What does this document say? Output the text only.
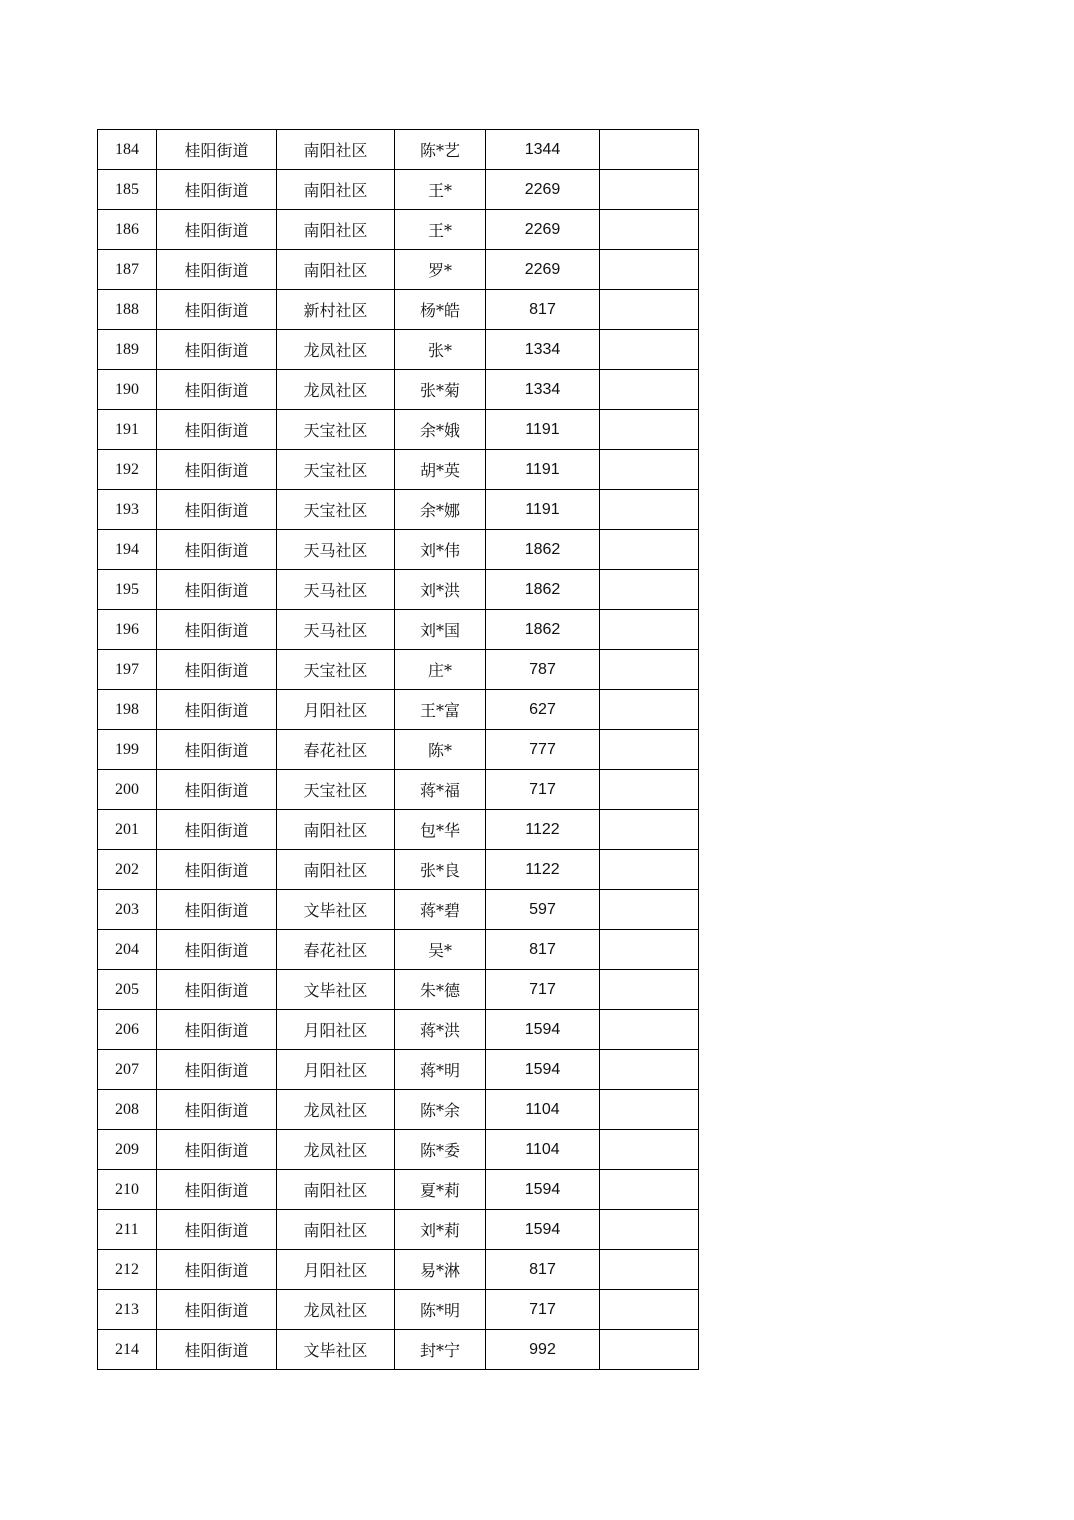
184	桂阳街道	南阳社区	陈*艺	1344	
185	桂阳街道	南阳社区	王*	2269	
186	桂阳街道	南阳社区	王*	2269	
187	桂阳街道	南阳社区	罗*	2269	
188	桂阳街道	新村社区	杨*皓	817	
189	桂阳街道	龙凤社区	张*	1334	
190	桂阳街道	龙凤社区	张*菊	1334	
191	桂阳街道	天宝社区	余*娥	1191	
192	桂阳街道	天宝社区	胡*英	1191	
193	桂阳街道	天宝社区	余*娜	1191	
194	桂阳街道	天马社区	刘*伟	1862	
195	桂阳街道	天马社区	刘*洪	1862	
196	桂阳街道	天马社区	刘*国	1862	
197	桂阳街道	天宝社区	庄*	787	
198	桂阳街道	月阳社区	王*富	627	
199	桂阳街道	春花社区	陈*	777	
200	桂阳街道	天宝社区	蒋*福	717	
201	桂阳街道	南阳社区	包*华	1122	
202	桂阳街道	南阳社区	张*良	1122	
203	桂阳街道	文毕社区	蒋*碧	597	
204	桂阳街道	春花社区	吴*	817	
205	桂阳街道	文毕社区	朱*德	717	
206	桂阳街道	月阳社区	蒋*洪	1594	
207	桂阳街道	月阳社区	蒋*明	1594	
208	桂阳街道	龙凤社区	陈*余	1104	
209	桂阳街道	龙凤社区	陈*委	1104	
210	桂阳街道	南阳社区	夏*莉	1594	
211	桂阳街道	南阳社区	刘*莉	1594	
212	桂阳街道	月阳社区	易*淋	817	
213	桂阳街道	龙凤社区	陈*明	717	
214	桂阳街道	文毕社区	封*宁	992	
